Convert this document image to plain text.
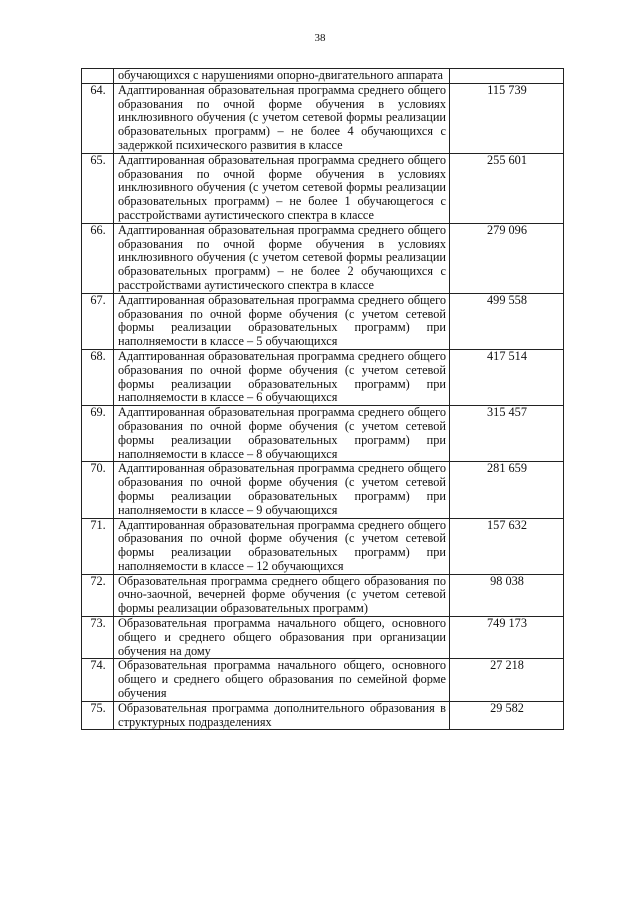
38
	обучающихся с нарушениями опорно-двигательного аппарата	
64.	Адаптированная образовательная программа среднего общего образования по очной форме обучения в условиях инклюзивного обучения (с учетом сетевой формы реализации образовательных программ) – не более 4 обучающихся с задержкой психического развития в классе	115 739
65.	Адаптированная образовательная программа среднего общего образования по очной форме обучения в условиях инклюзивного обучения (с учетом сетевой формы реализации образовательных программ) – не более 1 обучающегося с расстройствами аутистического спектра в классе	255 601
66.	Адаптированная образовательная программа среднего общего образования по очной форме обучения в условиях инклюзивного обучения (с учетом сетевой формы реализации образовательных программ) – не более 2 обучающихся с расстройствами аутистического спектра в классе	279 096
67.	Адаптированная образовательная программа среднего общего образования по очной форме обучения (с учетом сетевой формы реализации образовательных программ) при наполняемости в классе – 5 обучающихся	499 558
68.	Адаптированная образовательная программа среднего общего образования по очной форме обучения (с учетом сетевой формы реализации образовательных программ) при наполняемости в классе – 6 обучающихся	417 514
69.	Адаптированная образовательная программа среднего общего образования по очной форме обучения (с учетом сетевой формы реализации образовательных программ) при наполняемости в классе – 8 обучающихся	315 457
70.	Адаптированная образовательная программа среднего общего образования по очной форме обучения (с учетом сетевой формы реализации образовательных программ) при наполняемости в классе – 9 обучающихся	281 659
71.	Адаптированная образовательная программа среднего общего образования по очной форме обучения (с учетом сетевой формы реализации образовательных программ) при наполняемости в классе – 12 обучающихся	157 632
72.	Образовательная программа среднего общего образования по очно-заочной, вечерней форме обучения (с учетом сетевой формы реализации образовательных программ)	98 038
73.	Образовательная программа начального общего, основного общего и среднего общего образования при организации обучения на дому	749 173
74.	Образовательная программа начального общего, основного общего и среднего общего образования по семейной форме обучения	27 218
75.	Образовательная программа дополнительного образования в структурных подразделениях	29 582
